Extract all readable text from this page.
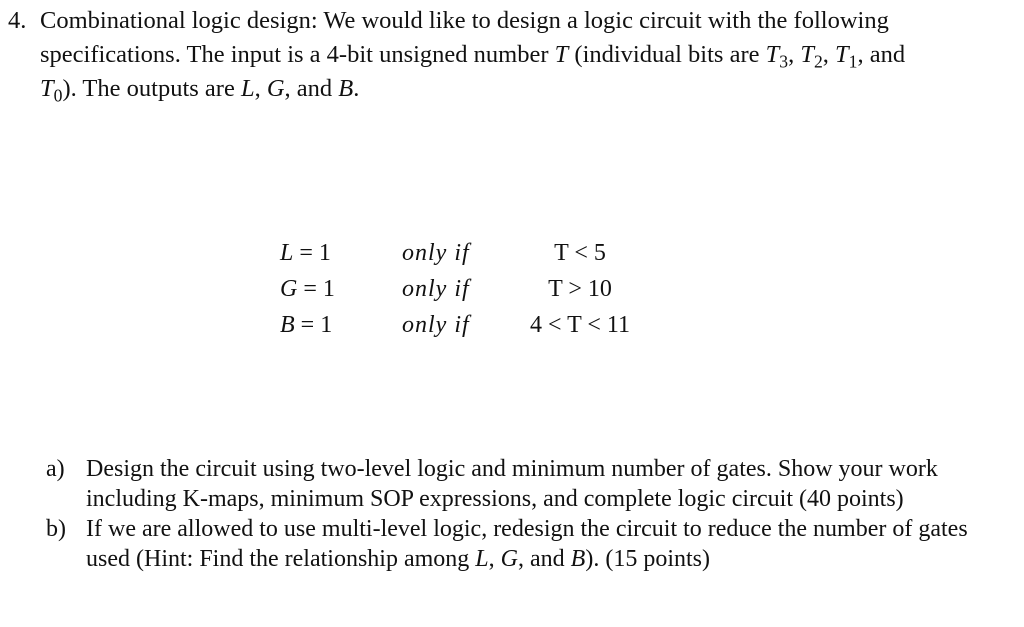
4. Combinational logic design: We would like to design a logic circuit with the following
specifications. The input is a 4-bit unsigned number T (individual bits are $T_3$, $T_2$, $T_1$, and
$T_0$). The outputs are L, G, and B.
L = 1	only if	T < 5
G = 1	only if	T > 10
B = 1	only if	4 < T < 11
a) Design the circuit using two-level logic and minimum number of gates. Show your work including K-maps, minimum SOP expressions, and complete logic circuit (40 points)
b) If we are allowed to use multi-level logic, redesign the circuit to reduce the number of gates used (Hint: Find the relationship among L, G, and B). (15 points)
